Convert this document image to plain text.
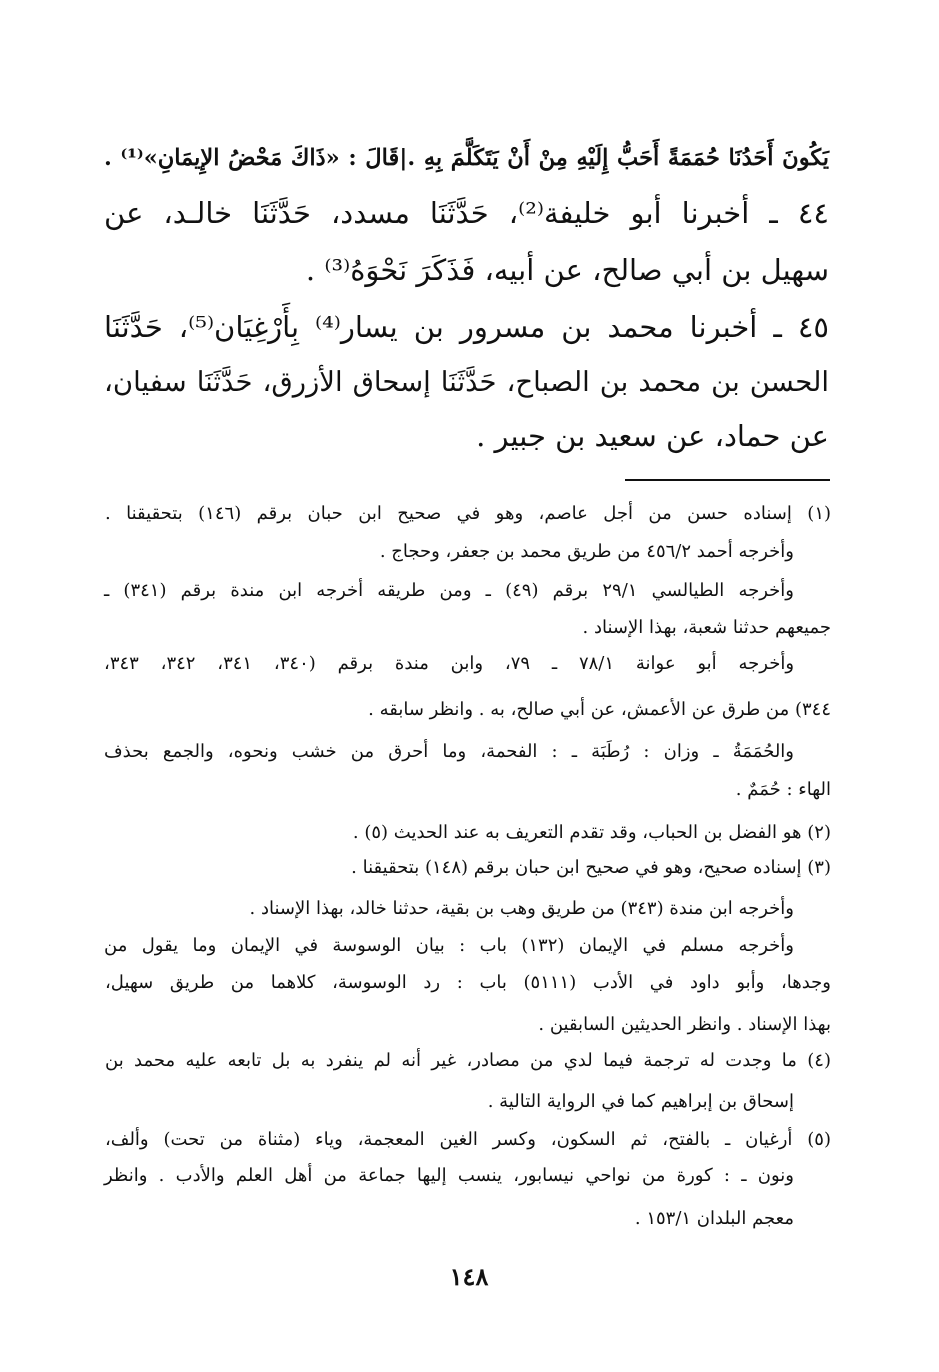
يَكُونَ أَحَدُنَا حُمَمَةً أَحَبُّ إِلَيْهِ مِنْ أَنْ يَتَكَلَّمَ بِهِ .|قَالَ : «ذَاكَ مَحْضُ الإِيمَانِ»⁽¹⁾ .
٤٤ ـ أخبرنا أبو خليفة⁽²⁾، حَدَّثَنَا مسدد، حَدَّثَنَا خالـد، عن
سهيل بن أبي صالح، عن أبيه، فَذَكَرَ نَحْوَهُ⁽³⁾ .
٤٥ ـ أخبرنا محمد بن مسرور بن يسار⁽⁴⁾ بِأَرْغِيَان⁽⁵⁾، حَدَّثَنَا
الحسن بن محمد بن الصباح، حَدَّثَنَا إسحاق الأزرق، حَدَّثَنَا سفيان،
عن حماد، عن سعيد بن جبير .
(١) إسناده حسن من أجل عاصم، وهو في صحيح ابن حبان برقم (١٤٦) بتحقيقنا .
وأخرجه أحمد ٤٥٦/٢ من طريق محمد بن جعفر، وحجاج .
وأخرجه الطيالسي ٢٩/١ برقم (٤٩) ـ ومن طريقه أخرجه ابن مندة برقم (٣٤١) ـ
جميعهم حدثنا شعبة، بهذا الإسناد .
وأخرجه أبو عوانة ٧٨/١ ـ ٧٩، وابن مندة برقم (٣٤٠، ٣٤١، ٣٤٢، ٣٤٣،
٣٤٤) من طرق عن الأعمش، عن أبي صالح، به . وانظر سابقه .
والحُمَمَةُ ـ وزان : رُطَبَة ـ : الفحمة، وما أحرق من خشب ونحوه، والجمع بحذف
الهاء : حُمَمٌ .
(٢) هو الفضل بن الحباب، وقد تقدم التعريف به عند الحديث (٥) .
(٣) إسناده صحيح، وهو في صحيح ابن حبان برقم (١٤٨) بتحقيقنا .
وأخرجه ابن مندة (٣٤٣) من طريق وهب بن بقية، حدثنا خالد، بهذا الإسناد .
وأخرجه مسلم في الإيمان (١٣٢) باب : بيان الوسوسة في الإيمان وما يقول من
وجدها، وأبو داود في الأدب (٥١١١) باب : رد الوسوسة، كلاهما من طريق سهيل،
بهذا الإسناد . وانظر الحديثين السابقين .
(٤) ما وجدت له ترجمة فيما لدي من مصادر، غير أنه لم ينفرد به بل تابعه عليه محمد بن
إسحاق بن إبراهيم كما في الرواية التالية .
(٥) أرغيان ـ بالفتح، ثم السكون، وكسر الغين المعجمة، وياء (مثناة من تحت) وألف،
ونون ـ : كورة من نواحي نيسابور، ينسب إليها جماعة من أهل العلم والأدب . وانظر
معجم البلدان ١٥٣/١ .
١٤٨
